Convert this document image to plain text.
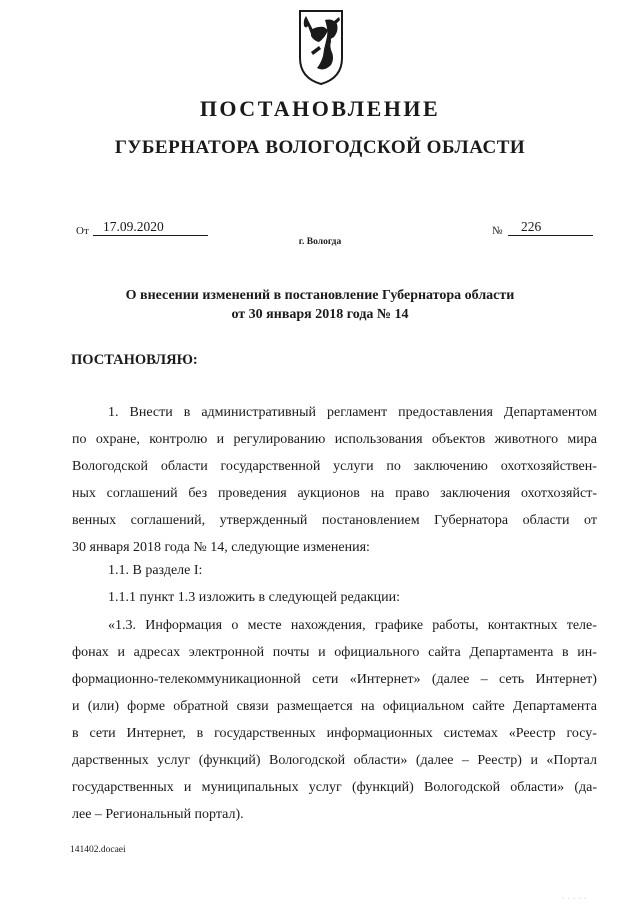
ПОСТАНОВЛЕНИЕ
ГУБЕРНАТОРА ВОЛОГОДСКОЙ ОБЛАСТИ
От 17.09.2020	№ 226
г. Вологда
О внесении изменений в постановление Губернатора области
от 30 января 2018 года № 14
ПОСТАНОВЛЯЮ:
1. Внести в административный регламент предоставления Департаментом
по охране, контролю и регулированию использования объектов животного мира
Вологодской области государственной услуги по заключению охотхозяйствен-
ных соглашений без проведения аукционов на право заключения охотхозяйст-
венных соглашений, утвержденный постановлением Губернатора области от
30 января 2018 года № 14, следующие изменения:
1.1. В разделе I:
1.1.1 пункт 1.3 изложить в следующей редакции:
«1.3. Информация о месте нахождения, графике работы, контактных теле-
фонах и адресах электронной почты и официального сайта Департамента в ин-
формационно-телекоммуникационной сети «Интернет» (далее – сеть Интернет)
и (или) форме обратной связи размещается на официальном сайте Департамента
в сети Интернет, в государственных информационных системах «Реестр госу-
дарственных услуг (функций) Вологодской области» (далее – Реестр) и «Портал
государственных и муниципальных услуг (функций) Вологодской области» (да-
лее – Региональный портал).
141402.docaei
· · · · ·
